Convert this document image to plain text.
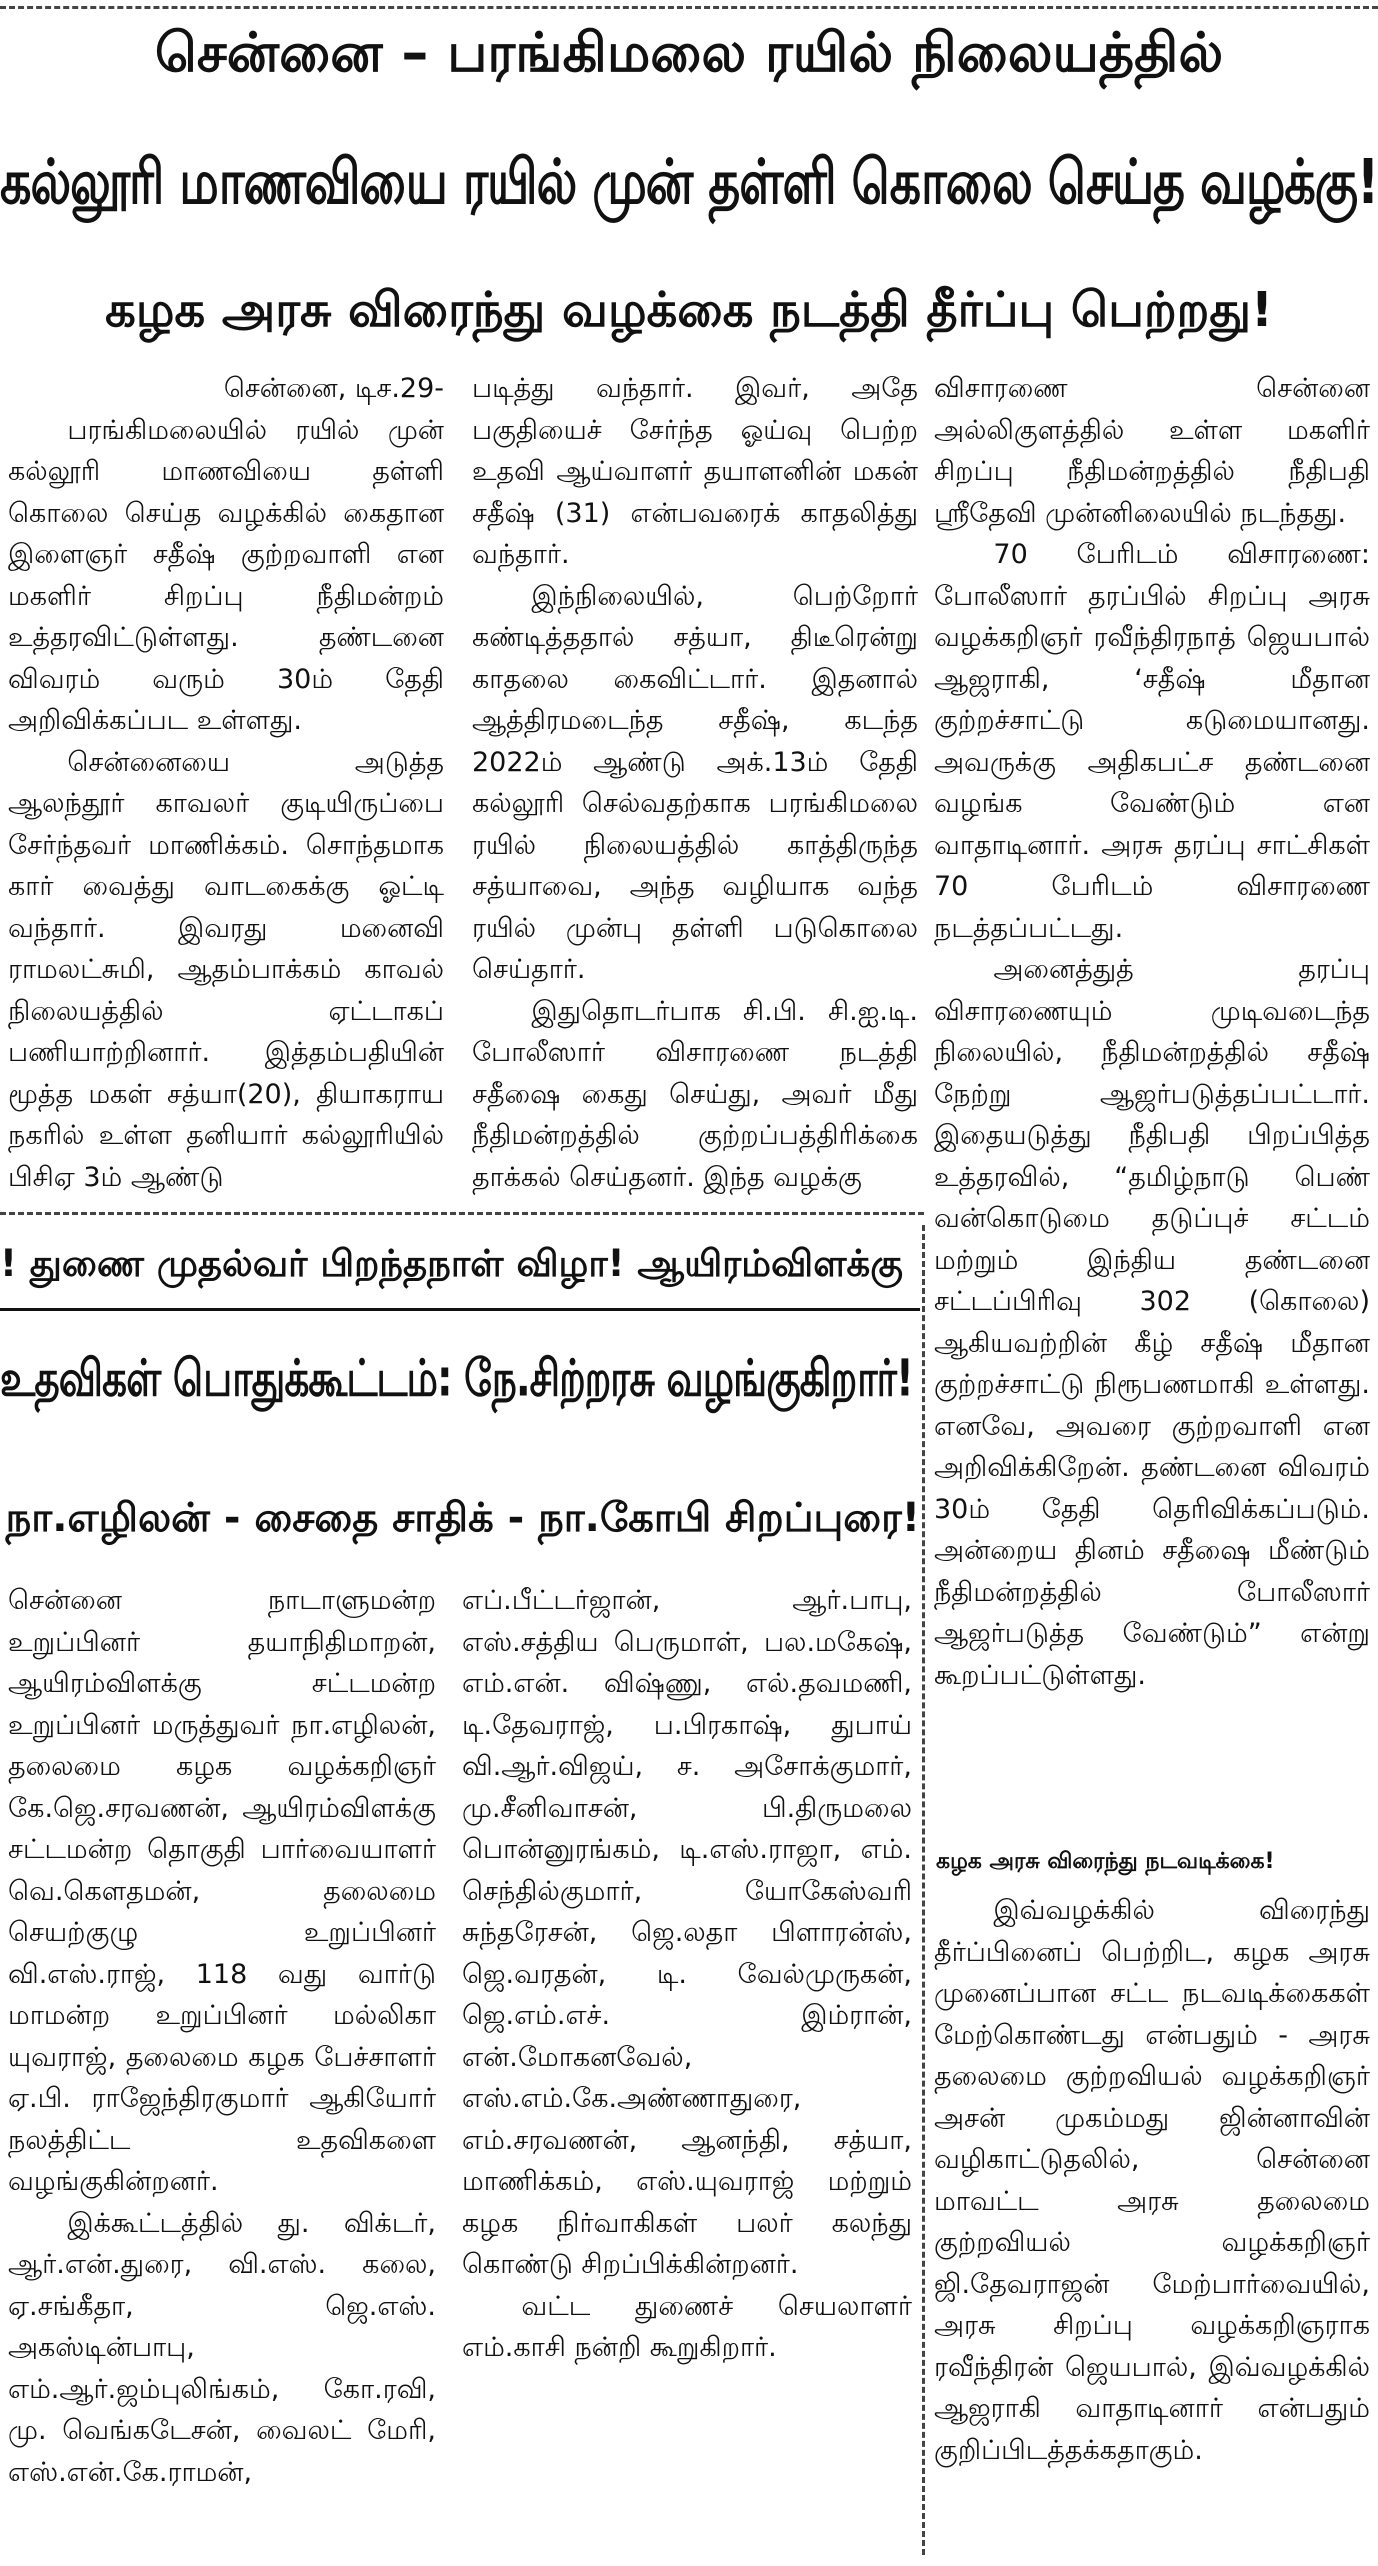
சென்னை – பரங்கிமலை ரயில் நிலையத்தில்
கல்லூரி மாணவியை ரயில் முன் தள்ளி கொலை செய்த வழக்கு!
கழக அரசு விரைந்து வழக்கை நடத்தி தீர்ப்பு பெற்றது!

சென்னை, டிச.29-

பரங்கிமலையில் ரயில் முன் கல்லூரி மாணவியை தள்ளி கொலை செய்த வழக்கில் கைதான இளைஞர் சதீஷ் குற்றவாளி என மகளிர் சிறப்பு நீதிமன்றம் உத்தரவிட்டுள்ளது. தண்டனை விவரம் வரும் 30ம் தேதி அறிவிக்கப்பட உள்ளது.

சென்னையை அடுத்த ஆலந்தூர் காவலர் குடியிருப்பை சேர்ந்தவர் மாணிக்கம். சொந்தமாக கார் வைத்து வாடகைக்கு ஓட்டி வந்தார். இவரது மனைவி ராமலட்சுமி, ஆதம்பாக்கம் காவல் நிலையத்தில் ஏட்டாகப் பணியாற்றினார். இத்தம்பதியின் மூத்த மகள் சத்யா(20), தியாகராய நகரில் உள்ள தனியார் கல்லூரியில் பிசிஏ 3ம் ஆண்டு

படித்து வந்தார். இவர், அதே பகுதியைச் சேர்ந்த ஓய்வு பெற்ற உதவி ஆய்வாளர் தயாளனின் மகன் சதீஷ் (31) என்பவரைக் காதலித்து வந்தார்.

இந்நிலையில், பெற்றோர் கண்டித்ததால் சத்யா, திடீரென்று காதலை கைவிட்டார். இதனால் ஆத்திரமடைந்த சதீஷ், கடந்த 2022ம் ஆண்டு அக்.13ம் தேதி கல்லூரி செல்வதற்காக பரங்கிமலை ரயில் நிலையத்தில் காத்திருந்த சத்யாவை, அந்த வழியாக வந்த ரயில் முன்பு தள்ளி படுகொலை செய்தார்.

இதுதொடர்பாக சி.பி. சி.ஐ.டி. போலீஸார் விசாரணை நடத்தி சதீஷை கைது செய்து, அவர் மீது நீதிமன்றத்தில் குற்றப்பத்திரிக்கை தாக்கல் செய்தனர். இந்த வழக்கு

விசாரணை சென்னை அல்லிகுளத்தில் உள்ள மகளிர் சிறப்பு நீதிமன்றத்தில் நீதிபதி ஸ்ரீதேவி முன்னிலையில் நடந்தது.

70 பேரிடம் விசாரணை: போலீஸார் தரப்பில் சிறப்பு அரசு வழக்கறிஞர் ரவீந்திரநாத் ஜெயபால் ஆஜராகி, ‘சதீஷ் மீதான குற்றச்சாட்டு கடுமையானது. அவருக்கு அதிகபட்ச தண்டனை வழங்க வேண்டும் என வாதாடினார். அரசு தரப்பு சாட்சிகள் 70 பேரிடம் விசாரணை நடத்தப்பட்டது.

அனைத்துத் தரப்பு விசாரணையும் முடிவடைந்த நிலையில், நீதிமன்றத்தில் சதீஷ் நேற்று ஆஜர்படுத்தப்பட்டார். இதையடுத்து நீதிபதி பிறப்பித்த உத்தரவில், “தமிழ்நாடு பெண் வன்கொடுமை தடுப்புச் சட்டம் மற்றும் இந்திய தண்டனை சட்டப்பிரிவு 302 (கொலை) ஆகியவற்றின் கீழ் சதீஷ் மீதான குற்றச்சாட்டு நிரூபணமாகி உள்ளது. எனவே, அவரை குற்றவாளி என அறிவிக்கிறேன். தண்டனை விவரம் 30ம் தேதி தெரிவிக்கப்படும். அன்றைய தினம் சதீஷை மீண்டும் நீதிமன்றத்தில் போலீஸார் ஆஜர்படுத்த வேண்டும்” என்று கூறப்பட்டுள்ளது.

கழக அரசு விரைந்து நடவடிக்கை!

இவ்வழக்கில் விரைந்து தீர்ப்பினைப் பெற்றிட, கழக அரசு முனைப்பான சட்ட நடவடிக்கைகள் மேற்கொண்டது என்பதும் - அரசு தலைமை குற்றவியல் வழக்கறிஞர் அசன் முகம்மது ஜின்னாவின் வழிகாட்டுதலில், சென்னை மாவட்ட அரசு தலைமை குற்றவியல் வழக்கறிஞர் ஜி.தேவராஜன் மேற்பார்வையில், அரசு சிறப்பு வழக்கறிஞராக ரவீந்திரன் ஜெயபால், இவ்வழக்கில் ஆஜராகி வாதாடினார் என்பதும் குறிப்பிடத்தக்கதாகும்.

! துணை முதல்வர் பிறந்தநாள் விழா! ஆயிரம்விளக்கு
உதவிகள் பொதுக்கூட்டம்: நே.சிற்றரசு வழங்குகிறார்!
நா.எழிலன் - சைதை சாதிக் - நா.கோபி சிறப்புரை!

சென்னை நாடாளுமன்ற உறுப்பினர் தயாநிதிமாறன், ஆயிரம்விளக்கு சட்டமன்ற உறுப்பினர் மருத்துவர் நா.எழிலன், தலைமை கழக வழக்கறிஞர் கே.ஜெ.சரவணன், ஆயிரம்விளக்கு சட்டமன்ற தொகுதி பார்வையாளர் வெ.கௌதமன், தலைமை செயற்குழு உறுப்பினர் வி.எஸ்.ராஜ், 118 வது வார்டு மாமன்ற உறுப்பினர் மல்லிகா யுவராஜ், தலைமை கழக பேச்சாளர் ஏ.பி. ராஜேந்திரகுமார் ஆகியோர் நலத்திட்ட உதவிகளை வழங்குகின்றனர்.

இக்கூட்டத்தில் து. விக்டர், ஆர்.என்.துரை, வி.எஸ். கலை, ஏ.சங்கீதா, ஜெ.எஸ். அகஸ்டின்பாபு, எம்.ஆர்.ஜம்புலிங்கம், கோ.ரவி, மு. வெங்கடேசன், வைலட் மேரி, எஸ்.என்.கே.ராமன்,

எப்.பீட்டர்ஜான், ஆர்.பாபு, எஸ்.சத்திய பெருமாள், பல.மகேஷ், எம்.என். விஷ்ணு, எல்.தவமணி, டி.தேவராஜ், ப.பிரகாஷ், துபாய் வி.ஆர்.விஜய், ச. அசோக்குமார், மு.சீனிவாசன், பி.திருமலை பொன்னுரங்கம், டி.எஸ்.ராஜா, எம். செந்தில்குமார், யோகேஸ்வரி சுந்தரேசன், ஜெ.லதா பிளாரன்ஸ், ஜெ.வரதன், டி. வேல்முருகன், ஜெ.எம்.எச். இம்ரான், என்.மோகனவேல், எஸ்.எம்.கே.அண்ணாதுரை, எம்.சரவணன், ஆனந்தி, சத்யா, மாணிக்கம், எஸ்.யுவராஜ் மற்றும் கழக நிர்வாகிகள் பலர் கலந்து கொண்டு சிறப்பிக்கின்றனர்.

வட்ட துணைச் செயலாளர் எம்.காசி நன்றி கூறுகிறார்.
